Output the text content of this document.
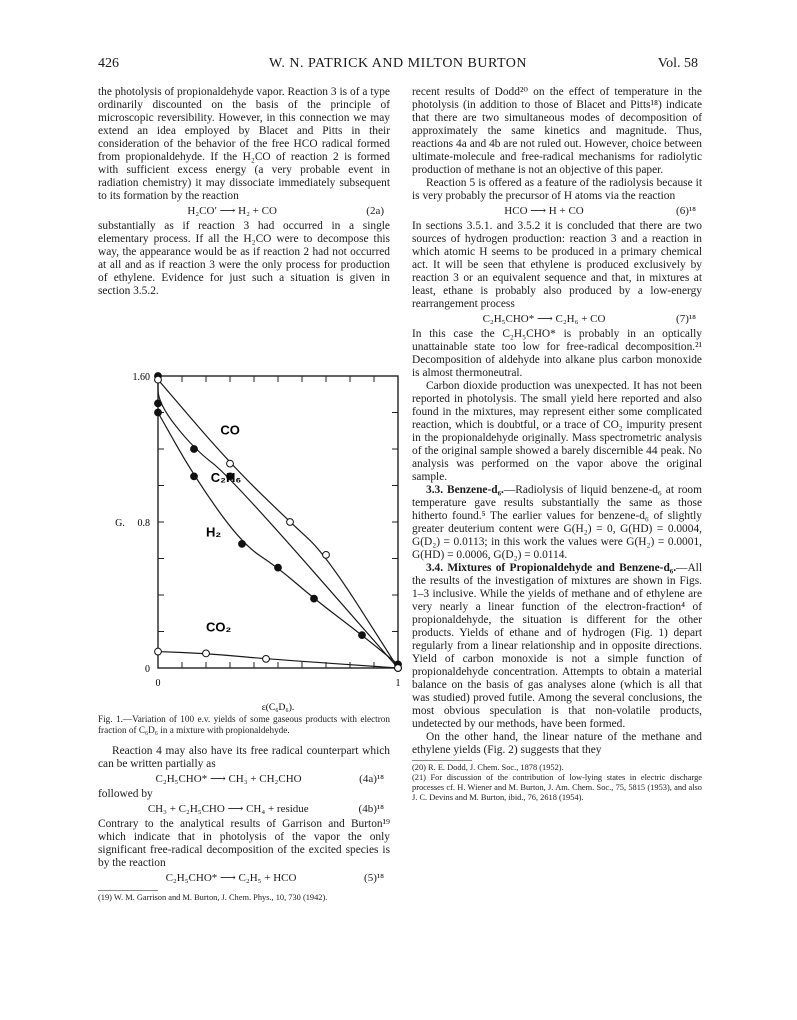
426	W. N. PATRICK AND MILTON BURTON	Vol. 58

the photolysis of propionaldehyde vapor. Reaction 3 is of a type ordinarily discounted on the basis of the principle of microscopic reversibility. However, in this connection we may extend an idea employed by Blacet and Pitts in their consideration of the behavior of the free HCO radical formed from propionaldehyde. If the H₂CO of reaction 2 is formed with sufficient excess energy (a very probable event in radiation chemistry) it may dissociate immediately subsequent to its formation by the reaction

H₂CO′ ⟶ H₂ + CO	(2a)

substantially as if reaction 3 had occurred in a single elementary process. If all the H₂CO were to decompose this way, the appearance would be as if reaction 2 had not occurred at all and as if reaction 3 were the only process for production of ethylene. Evidence for just such a situation is given in section 3.5.2.

Fig. 1.—Variation of 100 e.v. yields of some gaseous products with electron fraction of C₆D₆ in a mixture with propionaldehyde.

Reaction 4 may also have its free radical counterpart which can be written partially as

C₂H₅CHO* ⟶ CH₃ + CH₂CHO	(4a)¹⁸

followed by

CH₃ + C₂H₅CHO ⟶ CH₄ + residue	(4b)¹⁸

Contrary to the analytical results of Garrison and Burton¹⁹ which indicate that in photolysis of the vapor the only significant free-radical decomposition of the excited species is by the reaction

C₂H₅CHO* ⟶ C₂H₅ + HCO	(5)¹⁸

(19) W. M. Garrison and M. Burton, J. Chem. Phys., 10, 730 (1942).

1.60
0.8
0
0	1
ε(C₆D₆).
G.
CO
C₂H₆
H₂
CO₂

recent results of Dodd²⁰ on the effect of temperature in the photolysis (in addition to those of Blacet and Pitts¹⁸) indicate that there are two simultaneous modes of decomposition of approximately the same kinetics and magnitude. Thus, reactions 4a and 4b are not ruled out. However, choice between ultimate-molecule and free-radical mechanisms for radiolytic production of methane is not an objective of this paper.

Reaction 5 is offered as a feature of the radiolysis because it is very probably the precursor of H atoms via the reaction

HCO ⟶ H + CO	(6)¹⁸

In sections 3.5.1. and 3.5.2 it is concluded that there are two sources of hydrogen production: reaction 3 and a reaction in which atomic H seems to be produced in a primary chemical act. It will be seen that ethylene is produced exclusively by reaction 3 or an equivalent sequence and that, in mixtures at least, ethane is probably also produced by a low-energy rearrangement process

C₂H₅CHO* ⟶ C₂H₆ + CO	(7)¹⁸

In this case the C₂H₅CHO* is probably in an optically unattainable state too low for free-radical decomposition.²¹ Decomposition of aldehyde into alkane plus carbon monoxide is almost thermoneutral.

Carbon dioxide production was unexpected. It has not been reported in photolysis. The small yield here reported and also found in the mixtures, may represent either some complicated reaction, which is doubtful, or a trace of CO₂ impurity present in the propionaldehyde originally. Mass spectrometric analysis of the original sample showed a barely discernible 44 peak. No analysis was performed on the vapor above the original sample.

3.3. Benzene-d₆.—Radiolysis of liquid benzene-d₆ at room temperature gave results substantially the same as those hitherto found.⁵ The earlier values for benzene-d₆ of slightly greater deuterium content were G(H₂) = 0, G(HD) = 0.0004, G(D₂) = 0.0113; in this work the values were G(H₂) = 0.0001, G(HD) = 0.0006, G(D₂) = 0.0114.

3.4. Mixtures of Propionaldehyde and Benzene-d₆.—All the results of the investigation of mixtures are shown in Figs. 1–3 inclusive. While the yields of methane and of ethylene are very nearly a linear function of the electron-fraction⁴ of propionaldehyde, the situation is different for the other products. Yields of ethane and of hydrogen (Fig. 1) depart regularly from a linear relationship and in opposite directions. Yield of carbon monoxide is not a simple function of propionaldehyde concentration. Attempts to obtain a material balance on the basis of gas analyses alone (which is all that was studied) proved futile. Among the several conclusions, the most obvious speculation is that non-volatile products, undetected by our methods, have been formed.

On the other hand, the linear nature of the methane and ethylene yields (Fig. 2) suggests that they

(20) R. E. Dodd, J. Chem. Soc., 1878 (1952).

(21) For discussion of the contribution of low-lying states in electric discharge processes cf. H. Wiener and M. Burton, J. Am. Chem. Soc., 75, 5815 (1953), and also J. C. Devins and M. Burton, ibid., 76, 2618 (1954).
